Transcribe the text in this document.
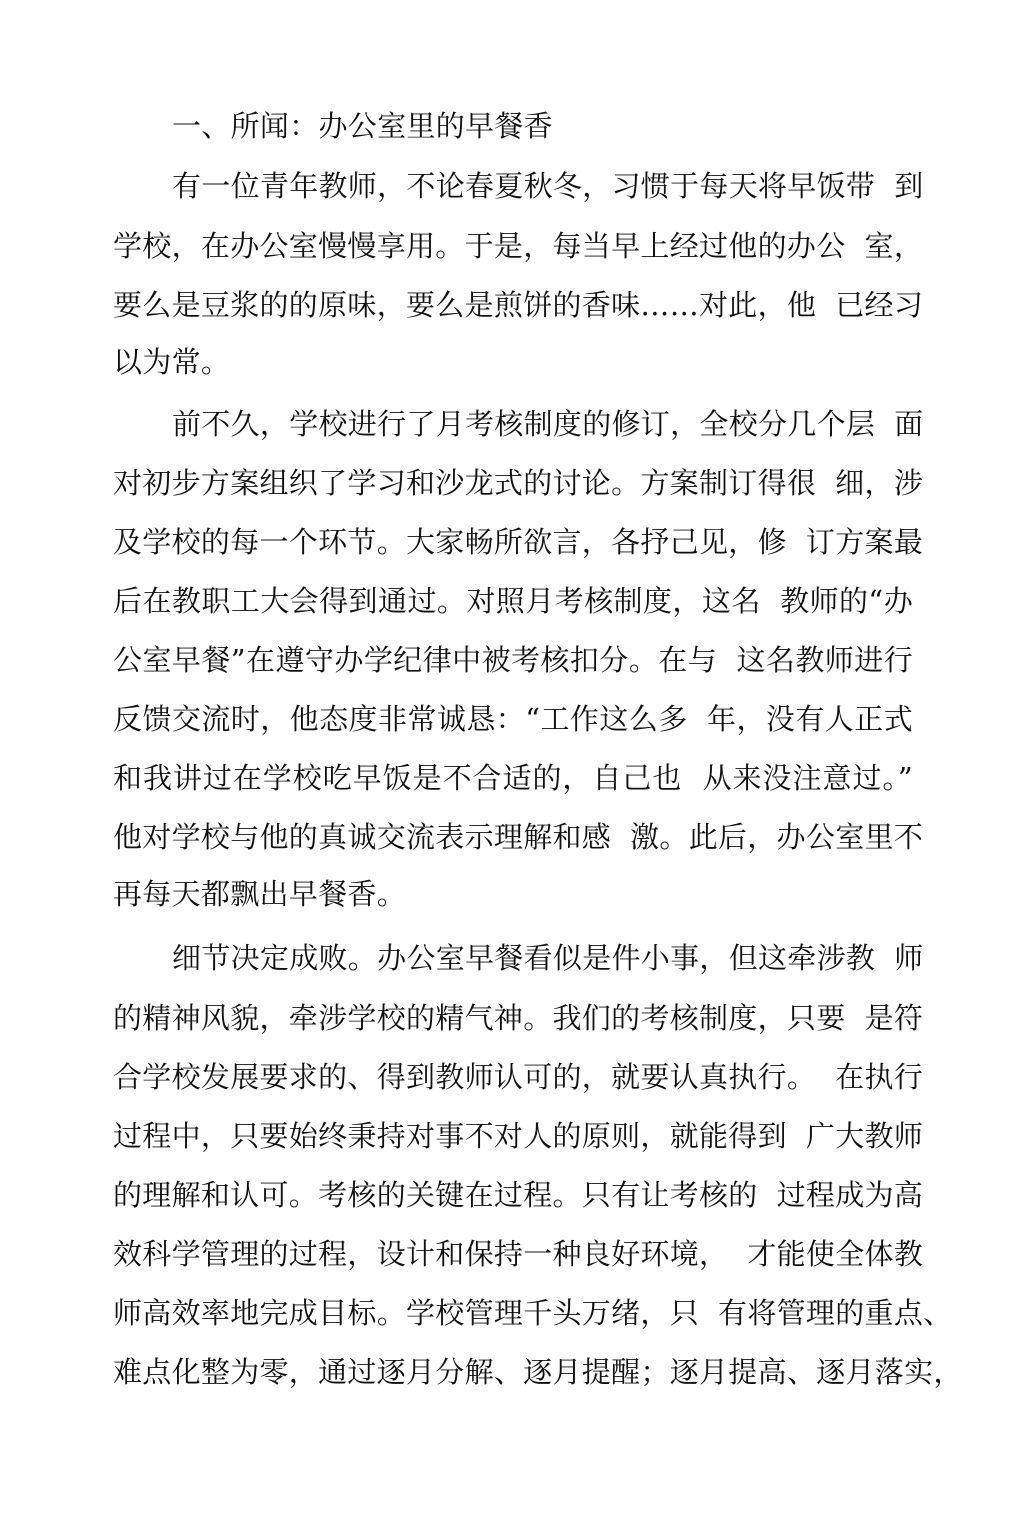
一、所闻：办公室里的早餐香
有一位青年教师，不论春夏秋冬，习惯于每天将早饭带  到
学校，在办公室慢慢享用。于是，每当早上经过他的办公  室，
要么是豆浆的的原味，要么是煎饼的香味……对此，他  已经习
以为常。
前不久，学校进行了月考核制度的修订，全校分几个层  面
对初步方案组织了学习和沙龙式的讨论。方案制订得很  细，涉
及学校的每一个环节。大家畅所欲言，各抒己见，修  订方案最
后在教职工大会得到通过。对照月考核制度，这名  教师的“办
公室早餐”在遵守办学纪律中被考核扣分。在与  这名教师进行
反馈交流时，他态度非常诚恳：“工作这么多  年，没有人正式
和我讲过在学校吃早饭是不合适的，自己也  从来没注意过。”
他对学校与他的真诚交流表示理解和感  激。此后，办公室里不
再每天都飘出早餐香。
细节决定成败。办公室早餐看似是件小事，但这牵涉教  师
的精神风貌，牵涉学校的精气神。我们的考核制度，只要  是符
合学校发展要求的、得到教师认可的，就要认真执行。  在执行
过程中，只要始终秉持对事不对人的原则，就能得到  广大教师
的理解和认可。考核的关键在过程。只有让考核的  过程成为高
效科学管理的过程，设计和保持一种良好环境，  才能使全体教
师高效率地完成目标。学校管理千头万绪，只  有将管理的重点、
难点化整为零，通过逐月分解、逐月提醒；逐月提高、逐月落实，
